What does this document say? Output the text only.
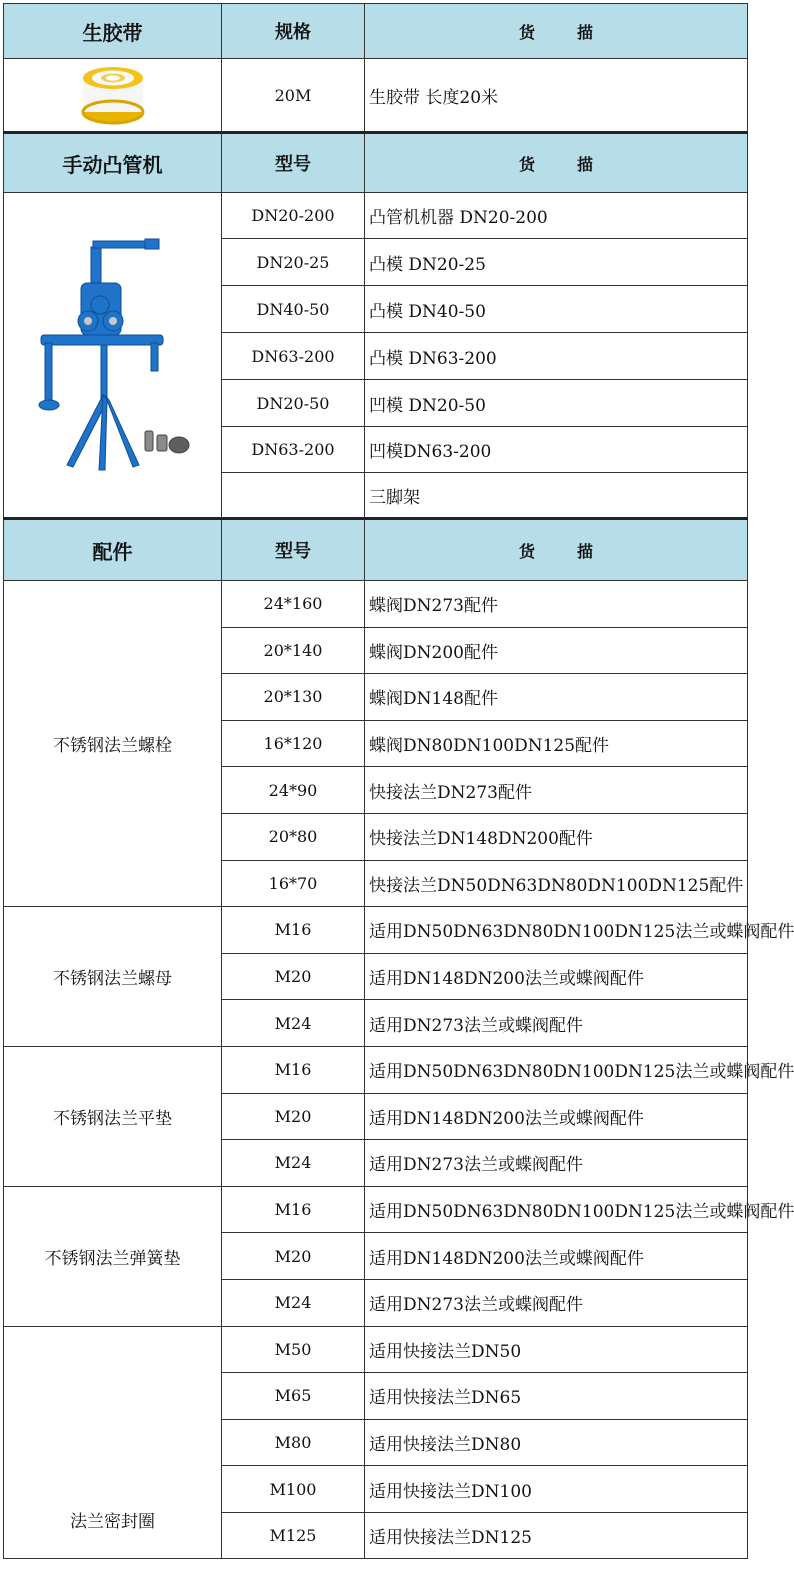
生胶带	规格	货 描

	20M	生胶带 长度20米
手动凸管机	型号	货 描

	DN20-200	凸管机机器 DN20-200
	DN20-25	凸模 DN20-25
	DN40-50	凸模 DN40-50
	DN63-200	凸模 DN63-200
	DN20-50	凹模 DN20-50
	DN63-200	凹模DN63-200
		三脚架
配件	型号	货 描
不锈钢法兰螺栓	24*160	蝶阀DN273配件
	20*140	蝶阀DN200配件
	20*130	蝶阀DN148配件
	16*120	蝶阀DN80DN100DN125配件
	24*90	快接法兰DN273配件
	20*80	快接法兰DN148DN200配件
	16*70	快接法兰DN50DN63DN80DN100DN125配件
不锈钢法兰螺母	M16	适用DN50DN63DN80DN100DN125法兰或蝶阀配件
	M20	适用DN148DN200法兰或蝶阀配件
	M24	适用DN273法兰或蝶阀配件
不锈钢法兰平垫	M16	适用DN50DN63DN80DN100DN125法兰或蝶阀配件
	M20	适用DN148DN200法兰或蝶阀配件
	M24	适用DN273法兰或蝶阀配件
不锈钢法兰弹簧垫	M16	适用DN50DN63DN80DN100DN125法兰或蝶阀配件
	M20	适用DN148DN200法兰或蝶阀配件
	M24	适用DN273法兰或蝶阀配件
法兰密封圈	M50	适用快接法兰DN50
	M65	适用快接法兰DN65
	M80	适用快接法兰DN80
	M100	适用快接法兰DN100
	M125	适用快接法兰DN125
